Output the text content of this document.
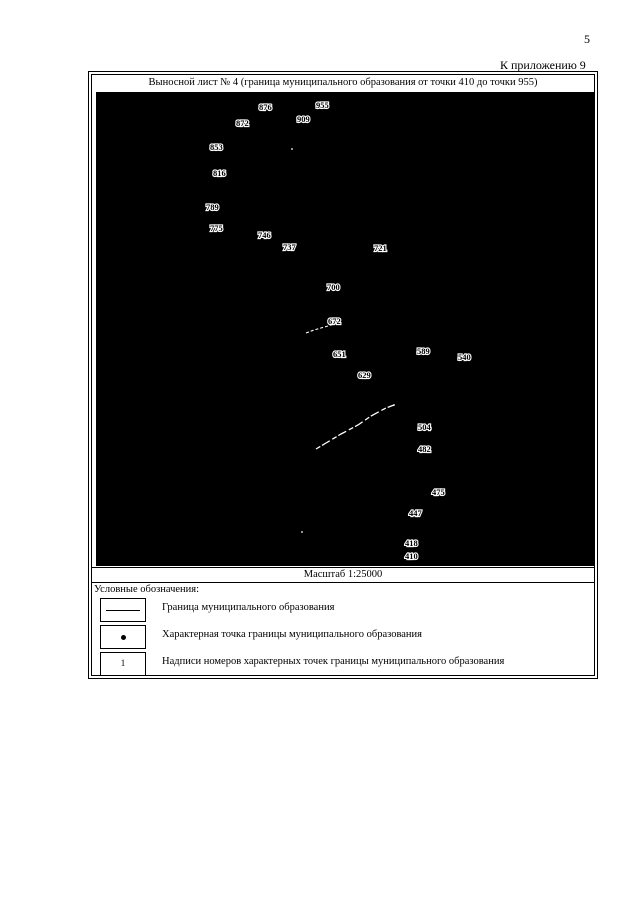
5
К приложению 9
Выносной лист № 4 (граница муниципального образования от точки 410 до точки 955)
876	955
872	909
853
816
789
775
746
737	721
700
672
651	589
540
629
504
482
475
447
418
410
Масштаб 1:25000
Условные обозначения:
Граница муниципального образования
Характерная точка границы муниципального образования
1	Надписи номеров характерных точек границы муниципального образования
